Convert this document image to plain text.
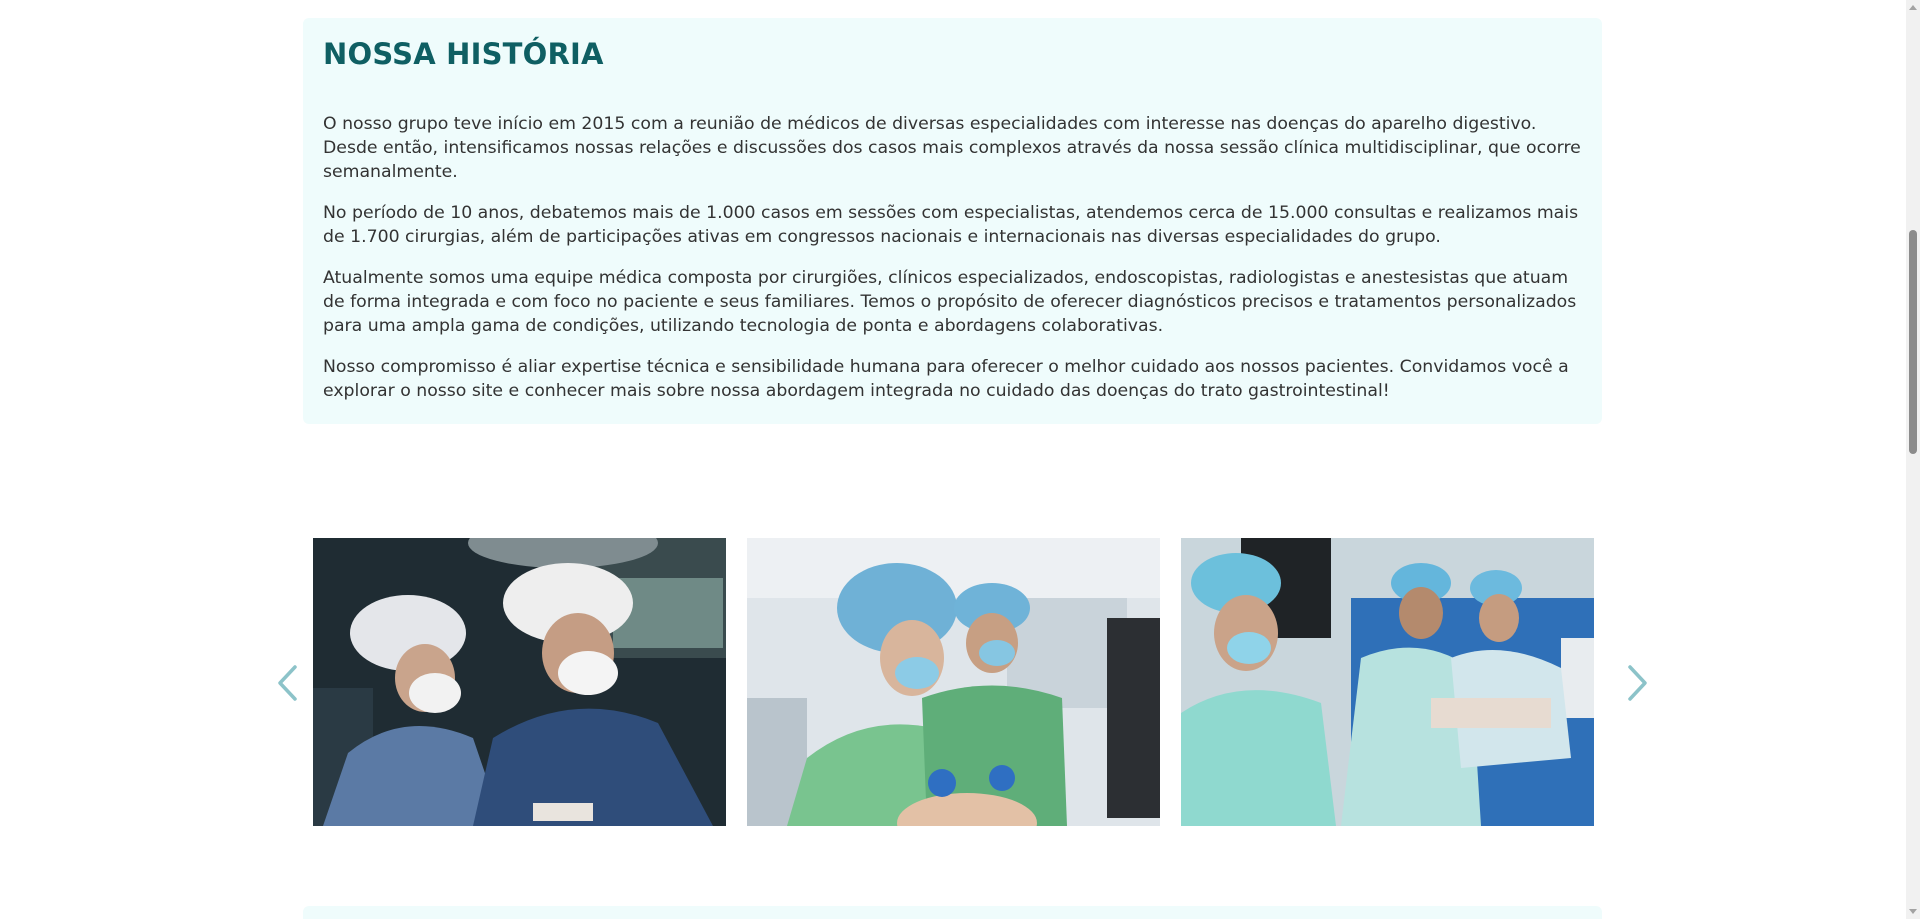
NOSSA HISTÓRIA

O nosso grupo teve início em 2015 com a reunião de médicos de diversas especialidades com interesse nas doenças do aparelho digestivo. Desde então, intensificamos nossas relações e discussões dos casos mais complexos através da nossa sessão clínica multidisciplinar, que ocorre semanalmente.

No período de 10 anos, debatemos mais de 1.000 casos em sessões com especialistas, atendemos cerca de 15.000 consultas e realizamos mais de 1.700 cirurgias, além de participações ativas em congressos nacionais e internacionais nas diversas especialidades do grupo.

Atualmente somos uma equipe médica composta por cirurgiões, clínicos especializados, endoscopistas, radiologistas e anestesistas que atuam de forma integrada e com foco no paciente e seus familiares. Temos o propósito de oferecer diagnósticos precisos e tratamentos personalizados para uma ampla gama de condições, utilizando tecnologia de ponta e abordagens colaborativas.

Nosso compromisso é aliar expertise técnica e sensibilidade humana para oferecer o melhor cuidado aos nossos pacientes. Convidamos você a explorar o nosso site e conhecer mais sobre nossa abordagem integrada no cuidado das doenças do trato gastrointestinal!
